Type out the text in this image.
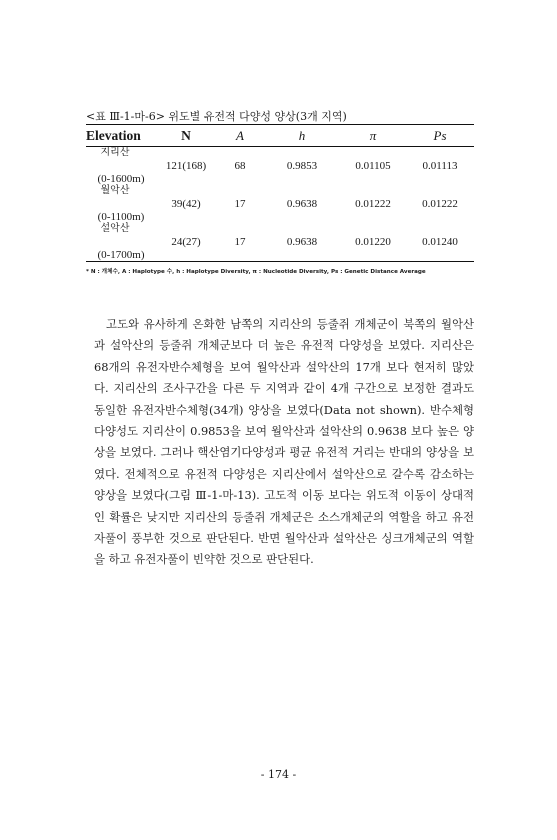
<표 Ⅲ-1-마-6> 위도별 유전적 다양성 양상(3개 지역)
Elevation	N	A	h	π	Ps

지리산
(0-1600m)	121(168)	68	0.9853	0.01105	0.01113

월악산
(0-1100m)	39(42)	17	0.9638	0.01222	0.01222

설악산
(0-1700m)	24(27)	17	0.9638	0.01220	0.01240
* N : 개체수, A : Haplotype 수, h : Haplotype Diversity, π : Nucleotide Diversity, Ps : Genetic Distance Average

고도와 유사하게 온화한 남쪽의 지리산의 등줄쥐 개체군이 북쪽의 월악산과 설악산의 등줄쥐 개체군보다 더 높은 유전적 다양성을 보였다. 지리산은 68개의 유전자반수체형을 보여 월악산과 설악산의 17개 보다 현저히 많았다. 지리산의 조사구간을 다른 두 지역과 같이 4개 구간으로 보정한 결과도 동일한 유전자반수체형(34개) 양상을 보였다(Data not shown). 반수체형다양성도 지리산이 0.9853을 보여 월악산과 설악산의 0.9638 보다 높은 양상을 보였다. 그러나 핵산염기다양성과 평균 유전적 거리는 반대의 양상을 보였다. 전체적으로 유전적 다양성은 지리산에서 설악산으로 갈수록 감소하는 양상을 보였다(그림 Ⅲ-1-마-13). 고도적 이동 보다는 위도적 이동이 상대적인 확률은 낮지만 지리산의 등줄쥐 개체군은 소스개체군의 역할을 하고 유전자풀이 풍부한 것으로 판단된다. 반면 월악산과 설악산은 싱크개체군의 역할을 하고 유전자풀이 빈약한 것으로 판단된다.

- 174 -
